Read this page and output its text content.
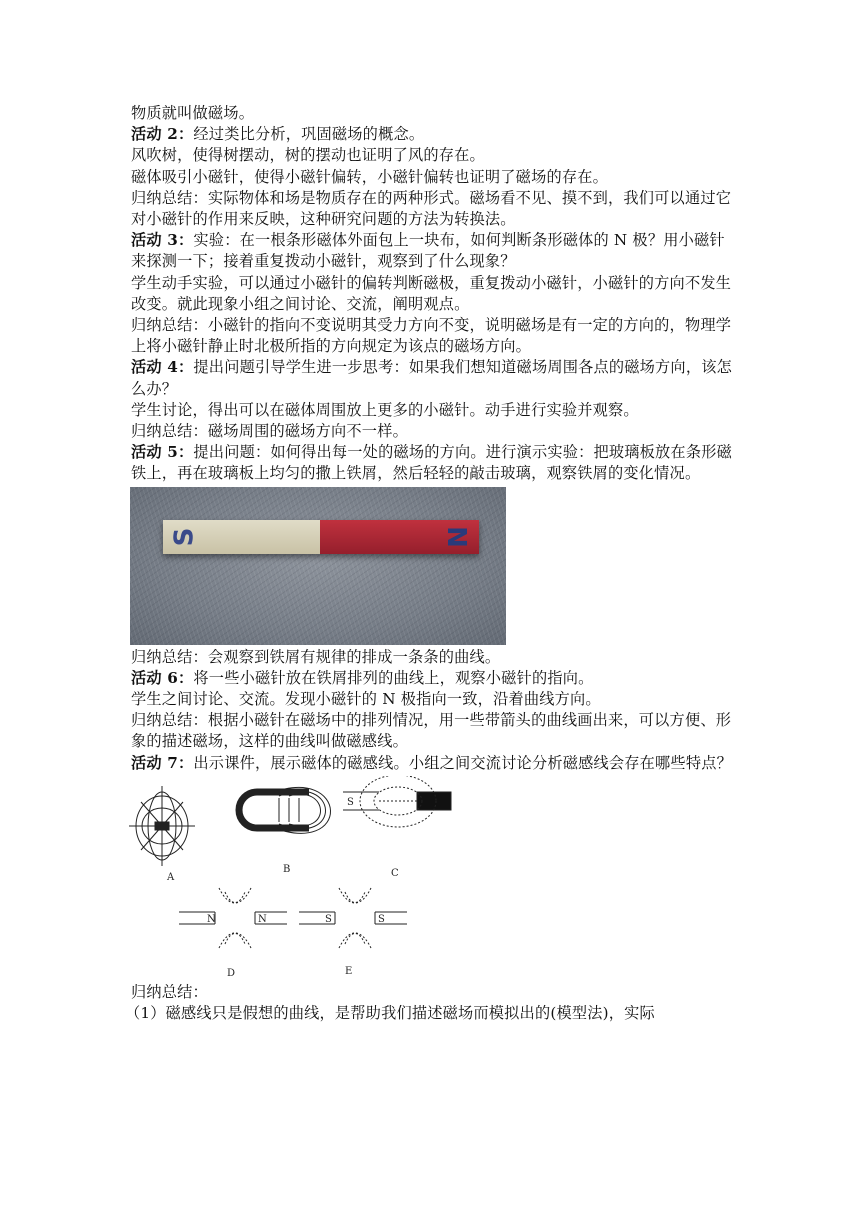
物质就叫做磁场。

活动 2：经过类比分析，巩固磁场的概念。

风吹树，使得树摆动，树的摆动也证明了风的存在。

磁体吸引小磁针，使得小磁针偏转，小磁针偏转也证明了磁场的存在。

归纳总结：实际物体和场是物质存在的两种形式。磁场看不见、摸不到，我们可以通过它对小磁针的作用来反映，这种研究问题的方法为转换法。

活动 3：实验：在一根条形磁体外面包上一块布，如何判断条形磁体的 N 极？用小磁针来探测一下；接着重复拨动小磁针，观察到了什么现象？

学生动手实验，可以通过小磁针的偏转判断磁极，重复拨动小磁针，小磁针的方向不发生改变。就此现象小组之间讨论、交流，阐明观点。

归纳总结：小磁针的指向不变说明其受力方向不变，说明磁场是有一定的方向的，物理学上将小磁针静止时北极所指的方向规定为该点的磁场方向。

活动 4：提出问题引导学生进一步思考：如果我们想知道磁场周围各点的磁场方向，该怎么办？

学生讨论，得出可以在磁体周围放上更多的小磁针。动手进行实验并观察。

归纳总结：磁场周围的磁场方向不一样。

活动 5：提出问题：如何得出每一处的磁场的方向。进行演示实验：把玻璃板放在条形磁铁上，再在玻璃板上均匀的撒上铁屑，然后轻轻的敲击玻璃，观察铁屑的变化情况。

S	N

归纳总结：会观察到铁屑有规律的排成一条条的曲线。

活动 6：将一些小磁针放在铁屑排列的曲线上，观察小磁针的指向。

学生之间讨论、交流。发现小磁针的 N 极指向一致，沿着曲线方向。

归纳总结：根据小磁针在磁场中的排列情况，用一些带箭头的曲线画出来，可以方便、形象的描述磁场，这样的曲线叫做磁感线。

活动 7：出示课件，展示磁体的磁感线。小组之间交流讨论分析磁感线会存在哪些特点？

S
N	N	S	S
A
B	C
D	E

归纳总结：

（1）磁感线只是假想的曲线，是帮助我们描述磁场而模拟出的(模型法)，实际
